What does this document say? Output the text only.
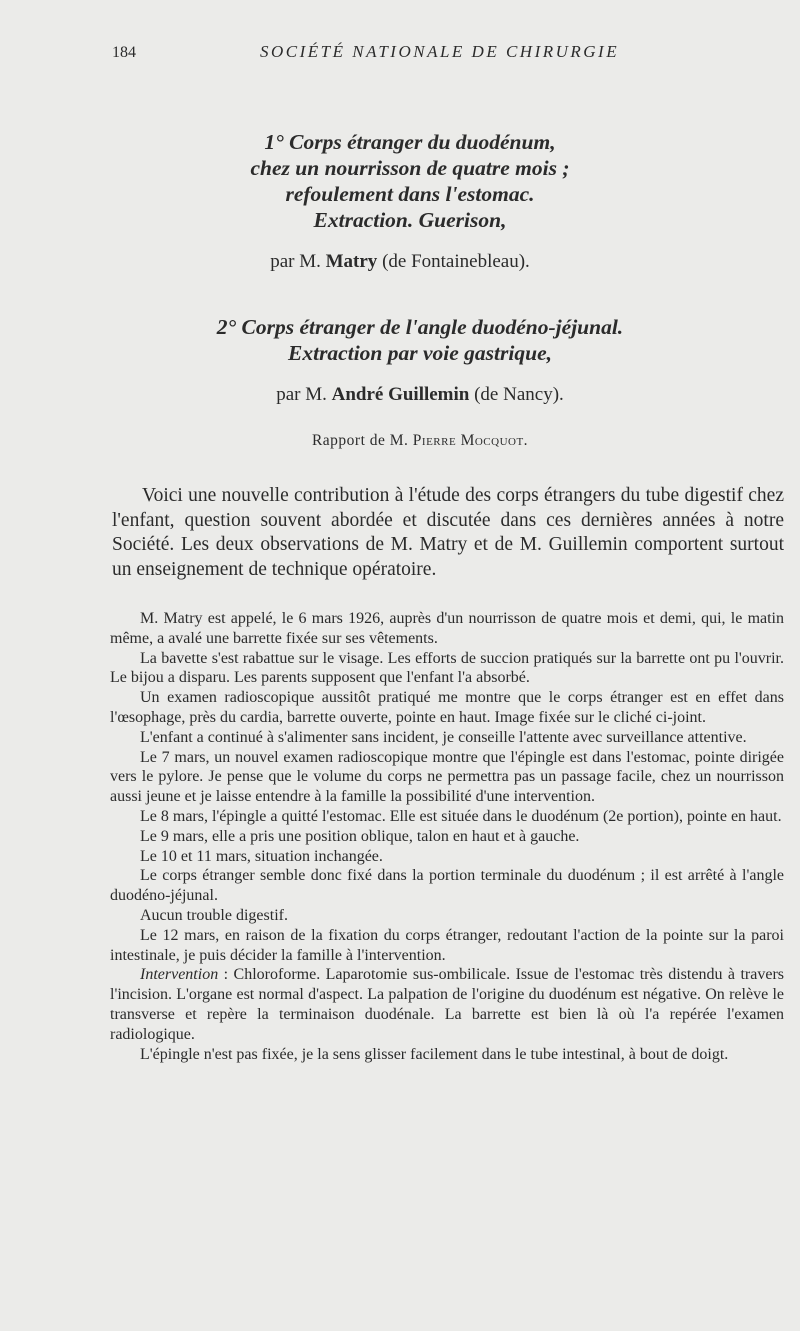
184	SOCIÉTÉ NATIONALE DE CHIRURGIE
1° Corps étranger du duodénum,
chez un nourrisson de quatre mois ;
refoulement dans l'estomac.
Extraction. Guerison,
par M. Matry (de Fontainebleau).
2° Corps étranger de l'angle duodéno-jéjunal.
Extraction par voie gastrique,
par M. André Guillemin (de Nancy).
Rapport de M. Pierre Mocquot.

Voici une nouvelle contribution à l'étude des corps étrangers du tube digestif chez l'enfant, question souvent abordée et discutée dans ces dernières années à notre Société. Les deux observations de M. Matry et de M. Guillemin comportent surtout un enseignement de technique opératoire.

M. Matry est appelé, le 6 mars 1926, auprès d'un nourrisson de quatre mois et demi, qui, le matin même, a avalé une barrette fixée sur ses vêtements.

La bavette s'est rabattue sur le visage. Les efforts de succion pratiqués sur la barrette ont pu l'ouvrir. Le bijou a disparu. Les parents supposent que l'enfant l'a absorbé.

Un examen radioscopique aussitôt pratiqué me montre que le corps étranger est en effet dans l'œsophage, près du cardia, barrette ouverte, pointe en haut. Image fixée sur le cliché ci-joint.

L'enfant a continué à s'alimenter sans incident, je conseille l'attente avec surveillance attentive.

Le 7 mars, un nouvel examen radioscopique montre que l'épingle est dans l'estomac, pointe dirigée vers le pylore. Je pense que le volume du corps ne permettra pas un passage facile, chez un nourrisson aussi jeune et je laisse entendre à la famille la possibilité d'une intervention.

Le 8 mars, l'épingle a quitté l'estomac. Elle est située dans le duodénum (2e portion), pointe en haut.

Le 9 mars, elle a pris une position oblique, talon en haut et à gauche.

Le 10 et 11 mars, situation inchangée.

Le corps étranger semble donc fixé dans la portion terminale du duodénum ; il est arrêté à l'angle duodéno-jéjunal.

Aucun trouble digestif.

Le 12 mars, en raison de la fixation du corps étranger, redoutant l'action de la pointe sur la paroi intestinale, je puis décider la famille à l'intervention.

Intervention : Chloroforme. Laparotomie sus-ombilicale. Issue de l'estomac très distendu à travers l'incision. L'organe est normal d'aspect. La palpation de l'origine du duodénum est négative. On relève le transverse et repère la terminaison duodénale. La barrette est bien là où l'a repérée l'examen radiologique.

L'épingle n'est pas fixée, je la sens glisser facilement dans le tube intestinal, à bout de doigt.
